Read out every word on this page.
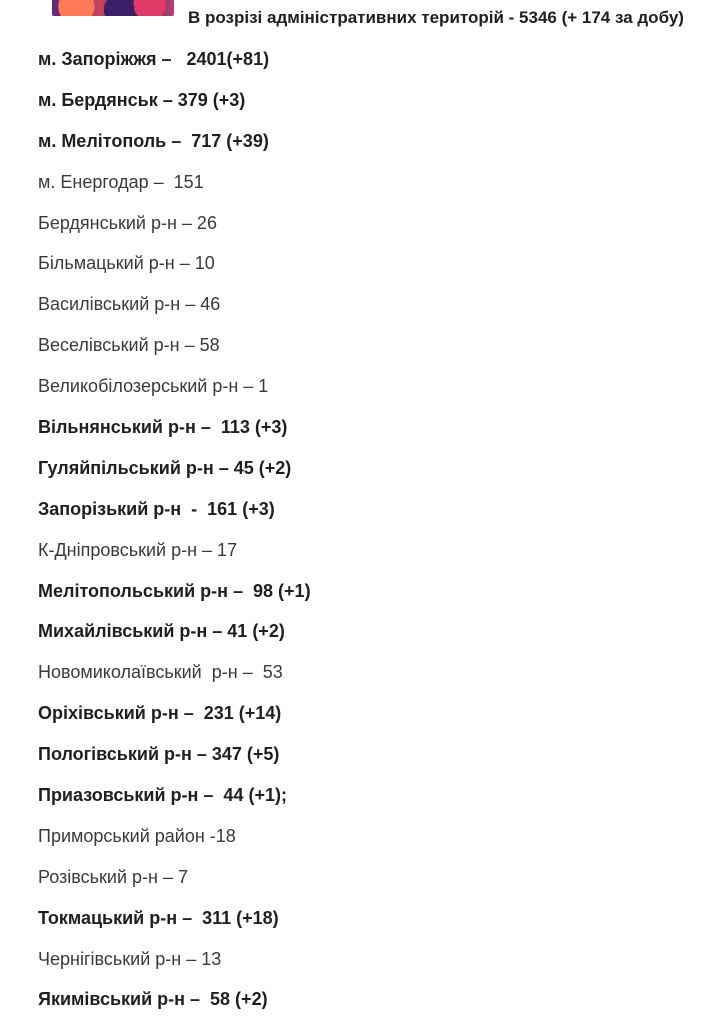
В розрізі адміністративних територій - 5346 (+ 174 за добу)
м. Запоріжжя –   2401(+81)
м. Бердянськ – 379 (+3)
м. Мелітополь –  717 (+39)
м. Енергодар –  151
Бердянський р-н – 26
Більмацький р-н – 10
Василівський р-н – 46
Веселівський р-н – 58
Великобілозерський р-н – 1
Вільнянський р-н –  113 (+3)
Гуляйпільський р-н – 45 (+2)
Запорізький р-н  -  161 (+3)
К-Дніпровський р-н – 17
Мелітопольський р-н –  98 (+1)
Михайлівський р-н – 41 (+2)
Новомиколаївський  р-н –  53
Оріхівський р-н –  231 (+14)
Пологівський р-н – 347 (+5)
Приазовський р-н –  44 (+1);
Приморський район -18
Розівський р-н – 7
Токмацький р-н –  311 (+18)
Чернігівський р-н – 13
Якимівський р-н –  58 (+2)
